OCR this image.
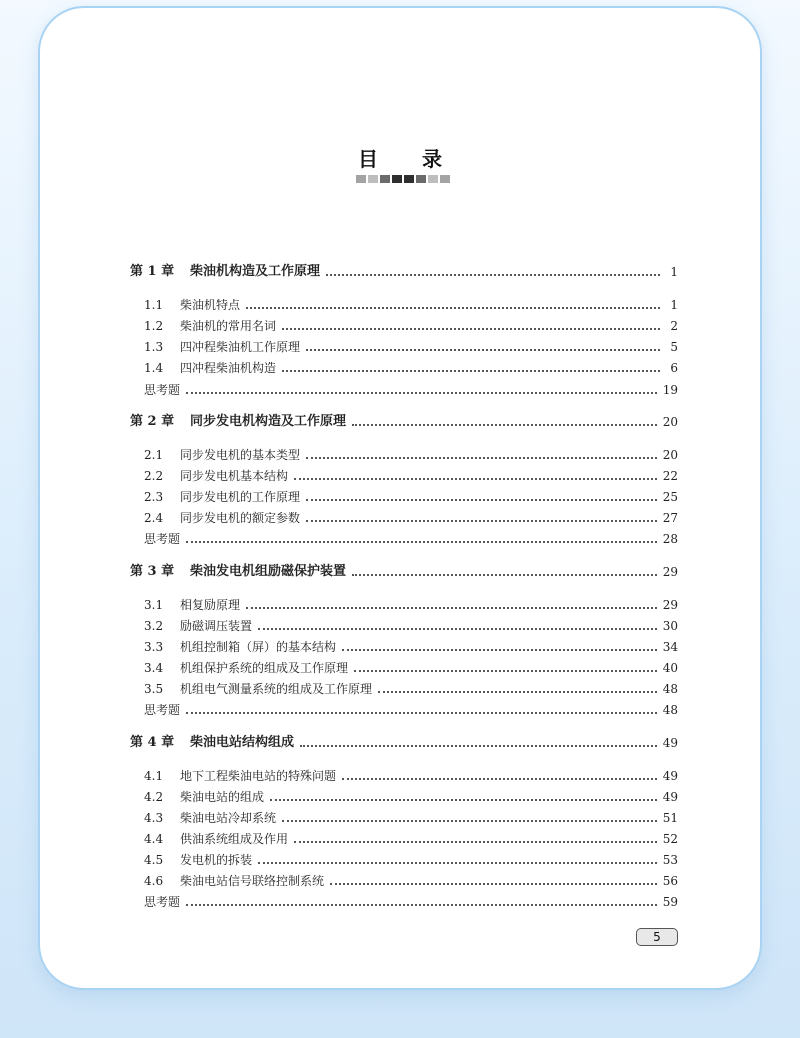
目 录
第 1 章	柴油机构造及工作原理	1
1.1	柴油机特点	1
1.2	柴油机的常用名词	2
1.3	四冲程柴油机工作原理	5
1.4	四冲程柴油机构造	6
思考题	19
第 2 章	同步发电机构造及工作原理	20
2.1	同步发电机的基本类型	20
2.2	同步发电机基本结构	22
2.3	同步发电机的工作原理	25
2.4	同步发电机的额定参数	27
思考题	28
第 3 章	柴油发电机组励磁保护装置	29
3.1	相复励原理	29
3.2	励磁调压装置	30
3.3	机组控制箱（屏）的基本结构	34
3.4	机组保护系统的组成及工作原理	40
3.5	机组电气测量系统的组成及工作原理	48
思考题	48
第 4 章	柴油电站结构组成	49
4.1	地下工程柴油电站的特殊问题	49
4.2	柴油电站的组成	49
4.3	柴油电站冷却系统	51
4.4	供油系统组成及作用	52
4.5	发电机的拆装	53
4.6	柴油电站信号联络控制系统	56
思考题	59
5
